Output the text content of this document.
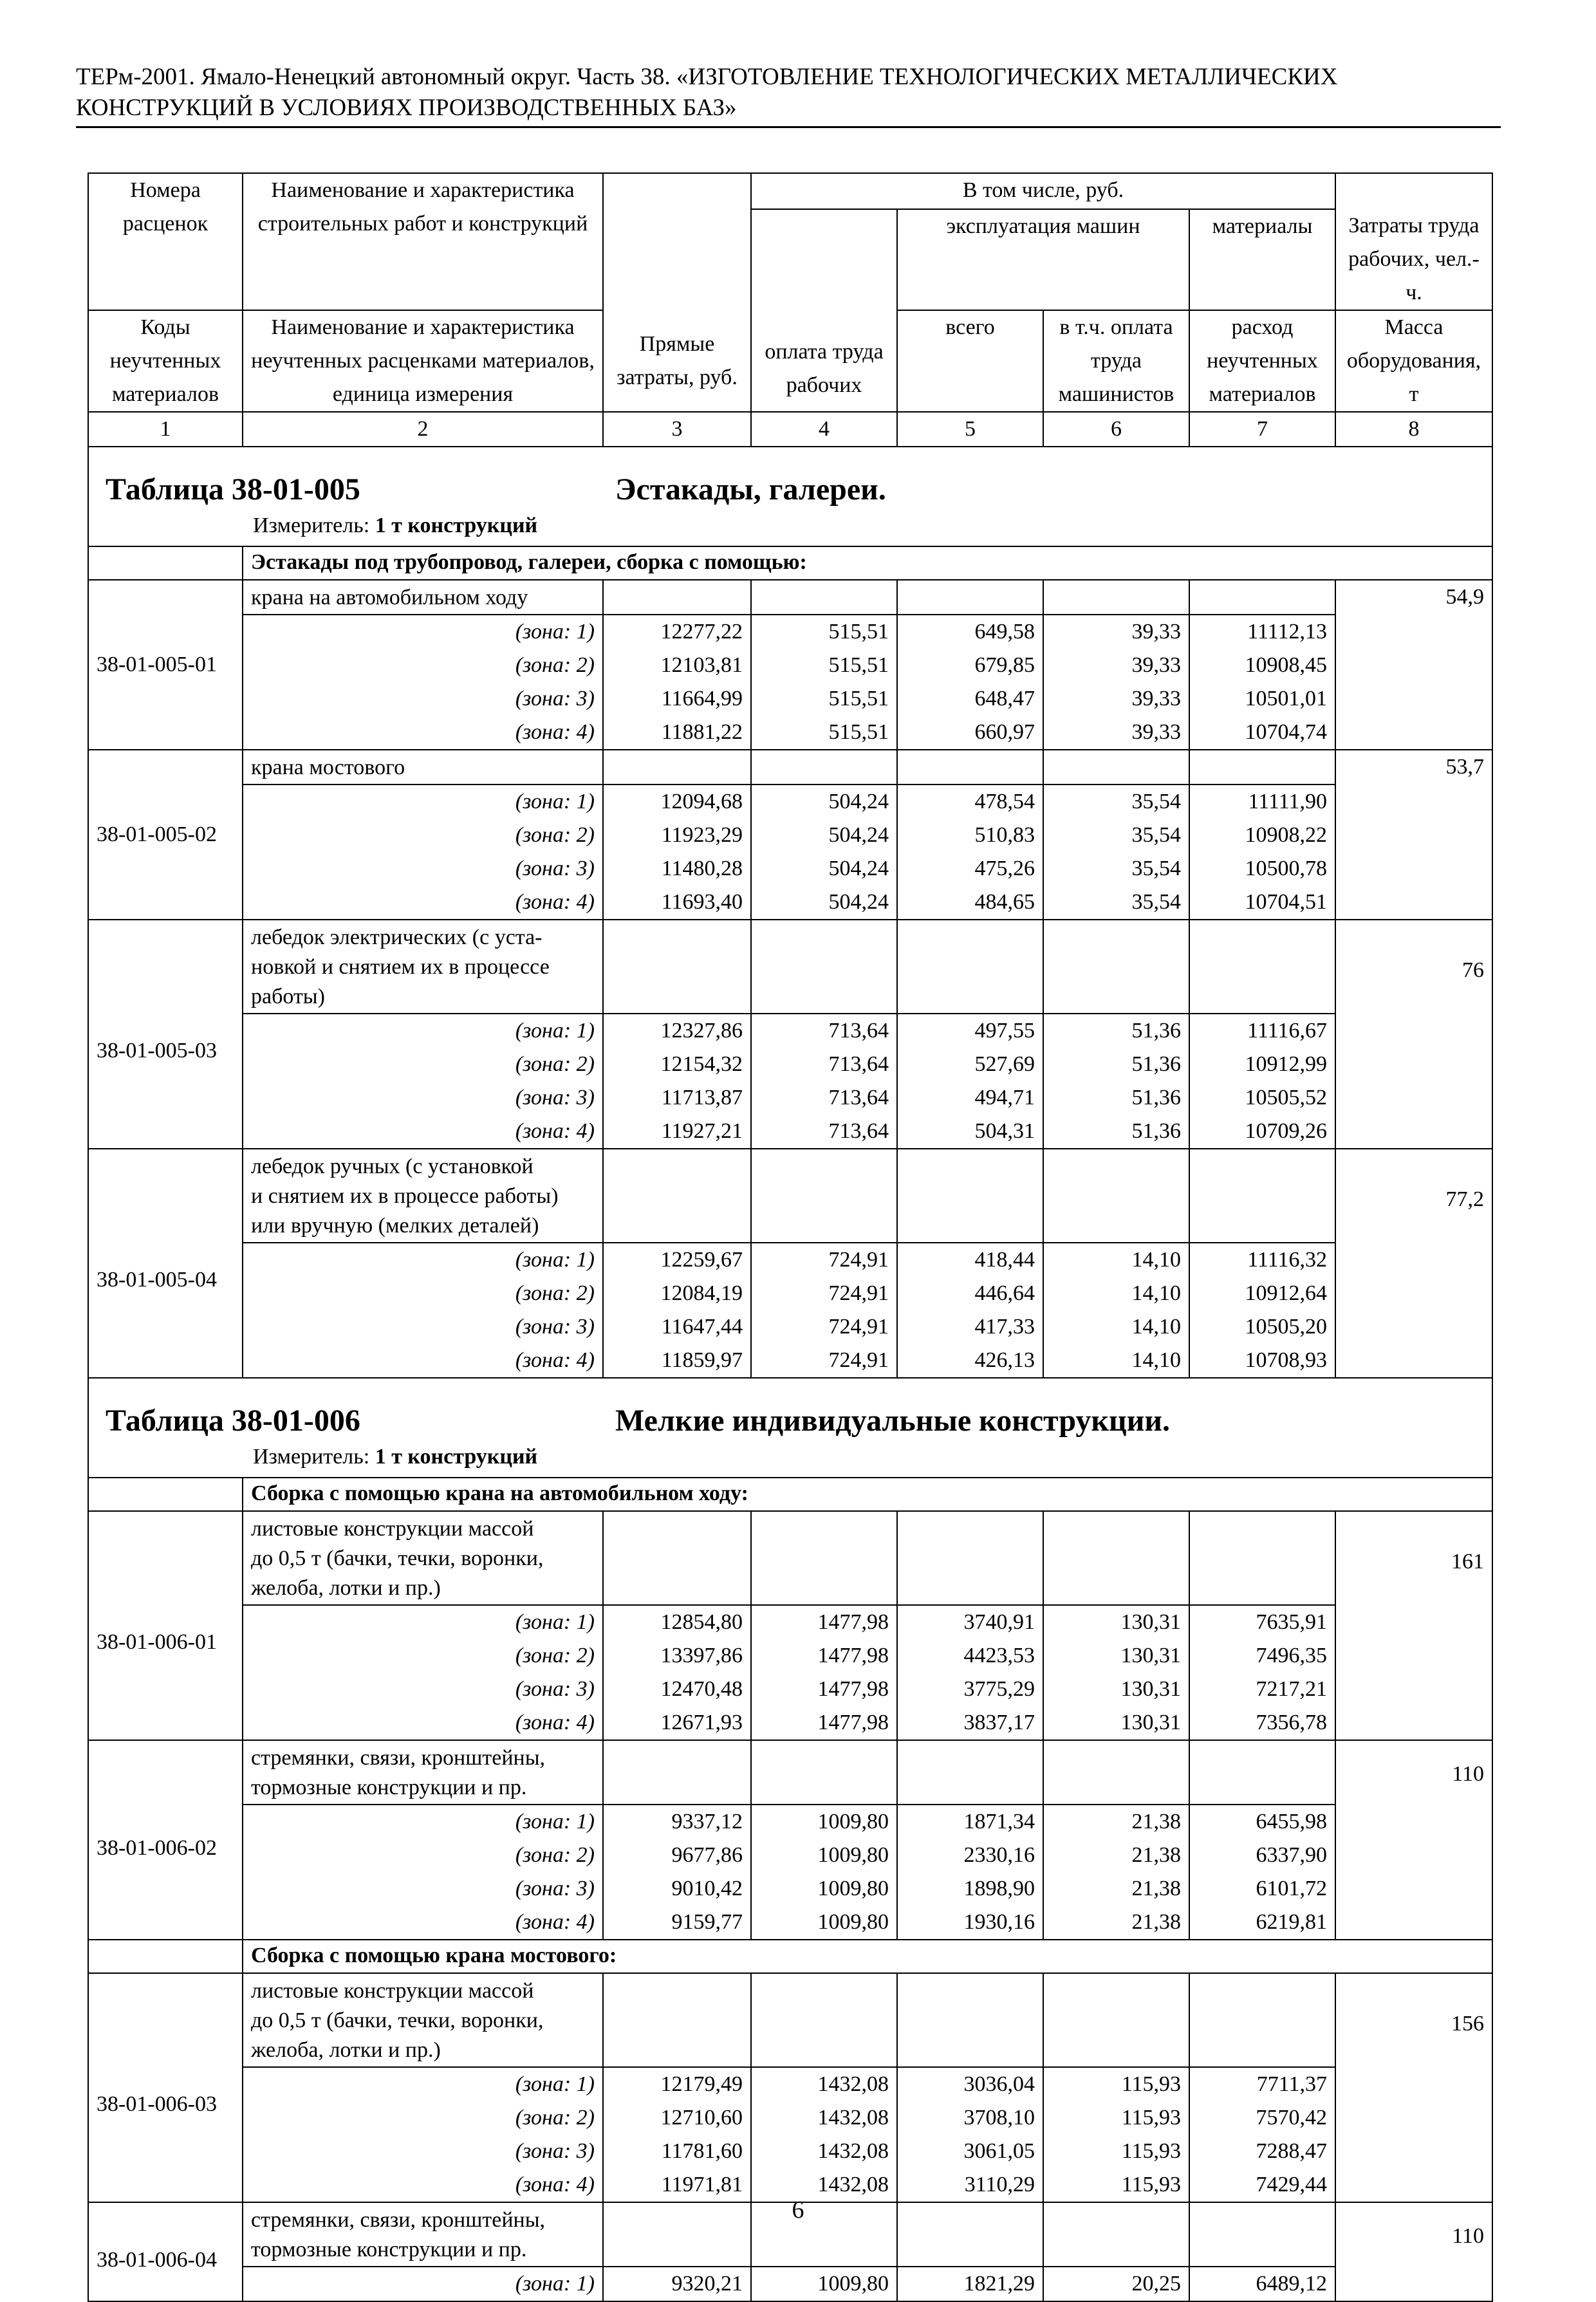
ТЕРм-2001. Ямало-Ненецкий автономный округ. Часть 38. «ИЗГОТОВЛЕНИЕ ТЕХНОЛОГИЧЕСКИХ МЕТАЛЛИЧЕСКИХ
КОНСТРУКЦИЙ В УСЛОВИЯХ ПРОИЗВОДСТВЕННЫХ БАЗ»
Номера расценок	Наименование и характеристика строительных работ и конструкций	Прямые затраты, руб.	В том числе, руб.				
			оплата труда рабочих	эксплуатация машин		материалы	Затраты труда рабочих, чел.-ч.
Коды неучтенных материалов	Наименование и характеристика неучтенных расценками материалов, единица измерения			всего	в т.ч. оплата труда машинистов	расход неучтенных материалов	Масса оборудования, т
1	2	3	4	5	6	7	8

Таблица 38-01-005 Эстакады, галереи.
Измеритель: 1 т конструкций							

	Эстакады под трубопровод, галереи, сборка с помощью:						
38-01-005-01	крана на автомобильном ходу						54,9
	(зона: 1)	12277,22	515,51	649,58	39,33	11112,13	
	(зона: 2)	12103,81	515,51	679,85	39,33	10908,45	
	(зона: 3)	11664,99	515,51	648,47	39,33	10501,01	
	(зона: 4)	11881,22	515,51	660,97	39,33	10704,74	
38-01-005-02	крана мостового						53,7
	(зона: 1)	12094,68	504,24	478,54	35,54	11111,90	
	(зона: 2)	11923,29	504,24	510,83	35,54	10908,22	
	(зона: 3)	11480,28	504,24	475,26	35,54	10500,78	
	(зона: 4)	11693,40	504,24	484,65	35,54	10704,51	
38-01-005-03	лебедок электрических (с уста-
новкой и снятием их в процессе
работы)						76
	(зона: 1)	12327,86	713,64	497,55	51,36	11116,67	
	(зона: 2)	12154,32	713,64	527,69	51,36	10912,99	
	(зона: 3)	11713,87	713,64	494,71	51,36	10505,52	
	(зона: 4)	11927,21	713,64	504,31	51,36	10709,26	
38-01-005-04	лебедок ручных (с установкой
и снятием их в процессе работы)
или вручную (мелких деталей)						77,2
	(зона: 1)	12259,67	724,91	418,44	14,10	11116,32	
	(зона: 2)	12084,19	724,91	446,64	14,10	10912,64	
	(зона: 3)	11647,44	724,91	417,33	14,10	10505,20	
	(зона: 4)	11859,97	724,91	426,13	14,10	10708,93	

Таблица 38-01-006 Мелкие индивидуальные конструкции.
Измеритель: 1 т конструкций							

	Сборка с помощью крана на автомобильном ходу:						
38-01-006-01	листовые конструкции массой
до 0,5 т (бачки, течки, воронки,
желоба, лотки и пр.)						161
	(зона: 1)	12854,80	1477,98	3740,91	130,31	7635,91	
	(зона: 2)	13397,86	1477,98	4423,53	130,31	7496,35	
	(зона: 3)	12470,48	1477,98	3775,29	130,31	7217,21	
	(зона: 4)	12671,93	1477,98	3837,17	130,31	7356,78	
38-01-006-02	стремянки, связи, кронштейны,
тормозные конструкции и пр.						110
	(зона: 1)	9337,12	1009,80	1871,34	21,38	6455,98	
	(зона: 2)	9677,86	1009,80	2330,16	21,38	6337,90	
	(зона: 3)	9010,42	1009,80	1898,90	21,38	6101,72	
	(зона: 4)	9159,77	1009,80	1930,16	21,38	6219,81	
	Сборка с помощью крана мостового:						
38-01-006-03	листовые конструкции массой
до 0,5 т (бачки, течки, воронки,
желоба, лотки и пр.)						156
	(зона: 1)	12179,49	1432,08	3036,04	115,93	7711,37	
	(зона: 2)	12710,60	1432,08	3708,10	115,93	7570,42	
	(зона: 3)	11781,60	1432,08	3061,05	115,93	7288,47	
	(зона: 4)	11971,81	1432,08	3110,29	115,93	7429,44	
38-01-006-04	стремянки, связи, кронштейны,
тормозные конструкции и пр.						110
	(зона: 1)	9320,21	1009,80	1821,29	20,25	6489,12	
6
